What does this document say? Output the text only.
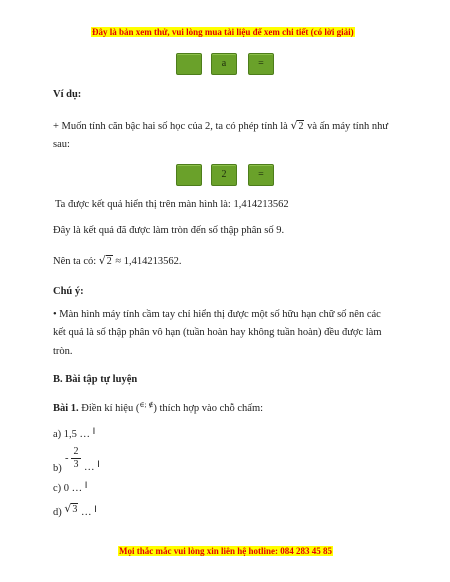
Đây là bản xem thử, vui lòng mua tài liệu để xem chi tiết (có lời giải)
a	=
Ví dụ:
+ Muốn tính căn bậc hai số học của 2, ta có phép tính là √2 và ấn máy tính như
sau:
2	=
Ta được kết quả hiển thị trên màn hình là: 1,414213562
Đây là kết quả đã được làm tròn đến số thập phân số 9.
Nên ta có: √2 ≈ 1,414213562.
Chú ý:
• Màn hình máy tính cầm tay chỉ hiển thị được một số hữu hạn chữ số nên các
kết quả là số thập phân vô hạn (tuần hoàn hay không tuần hoàn) đều được làm
tròn.
B. Bài tập tự luyện
Bài 1. Điền kí hiệu (∈; ∉) thích hợp vào chỗ chấm:
a) 1,5 … I
b)
- $\frac{2}{3}$ … I
c) 0 … I
d) √3 … I
Mọi thắc mắc vui lòng xin liên hệ hotline: 084 283 45 85
